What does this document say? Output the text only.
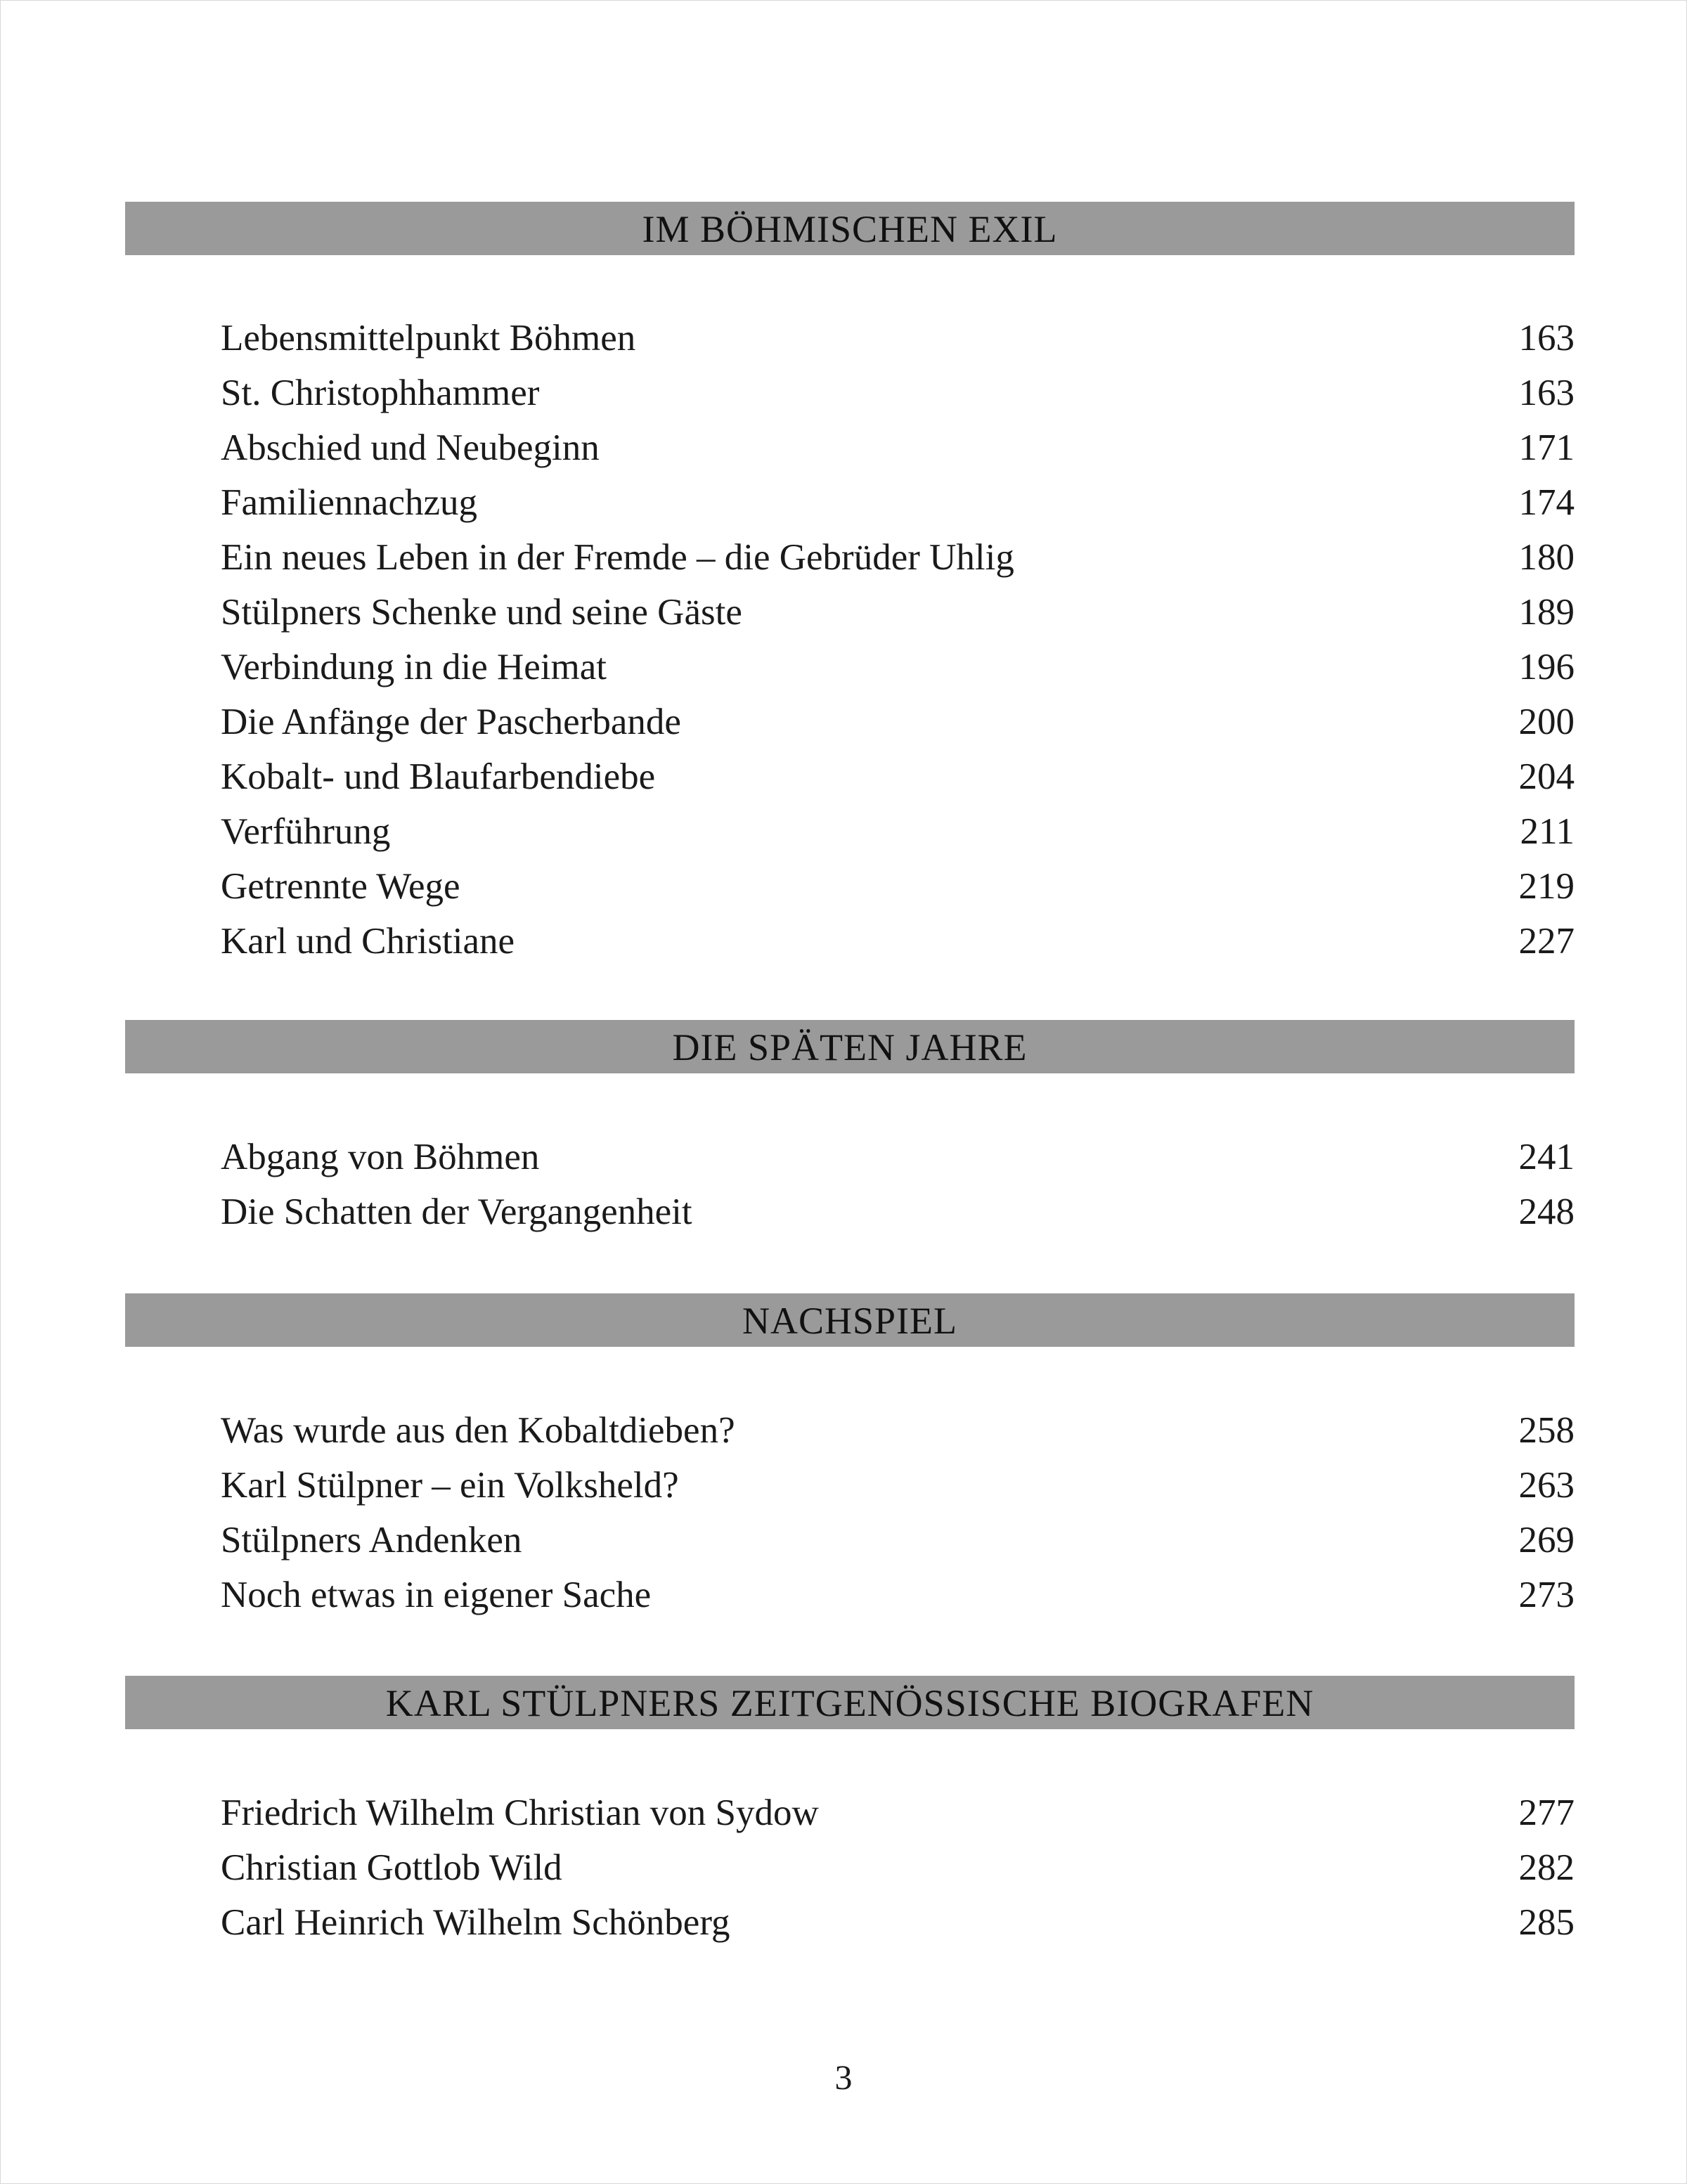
IM BÖHMISCHEN EXIL
Lebensmittelpunkt Böhmen	163
St. Christophhammer	163
Abschied und Neubeginn	171
Familiennachzug	174
Ein neues Leben in der Fremde – die Gebrüder Uhlig	180
Stülpners Schenke und seine Gäste	189
Verbindung in die Heimat	196
Die Anfänge der Pascherbande	200
Kobalt- und Blaufarbendiebe	204
Verführung	211
Getrennte Wege	219
Karl und Christiane	227
DIE SPÄTEN JAHRE
Abgang von Böhmen	241
Die Schatten der Vergangenheit	248
NACHSPIEL
Was wurde aus den Kobaltdieben?	258
Karl Stülpner – ein Volksheld?	263
Stülpners Andenken	269
Noch etwas in eigener Sache	273
KARL STÜLPNERS ZEITGENÖSSISCHE BIOGRAFEN
Friedrich Wilhelm Christian von Sydow	277
Christian Gottlob Wild	282
Carl Heinrich Wilhelm Schönberg	285
3
